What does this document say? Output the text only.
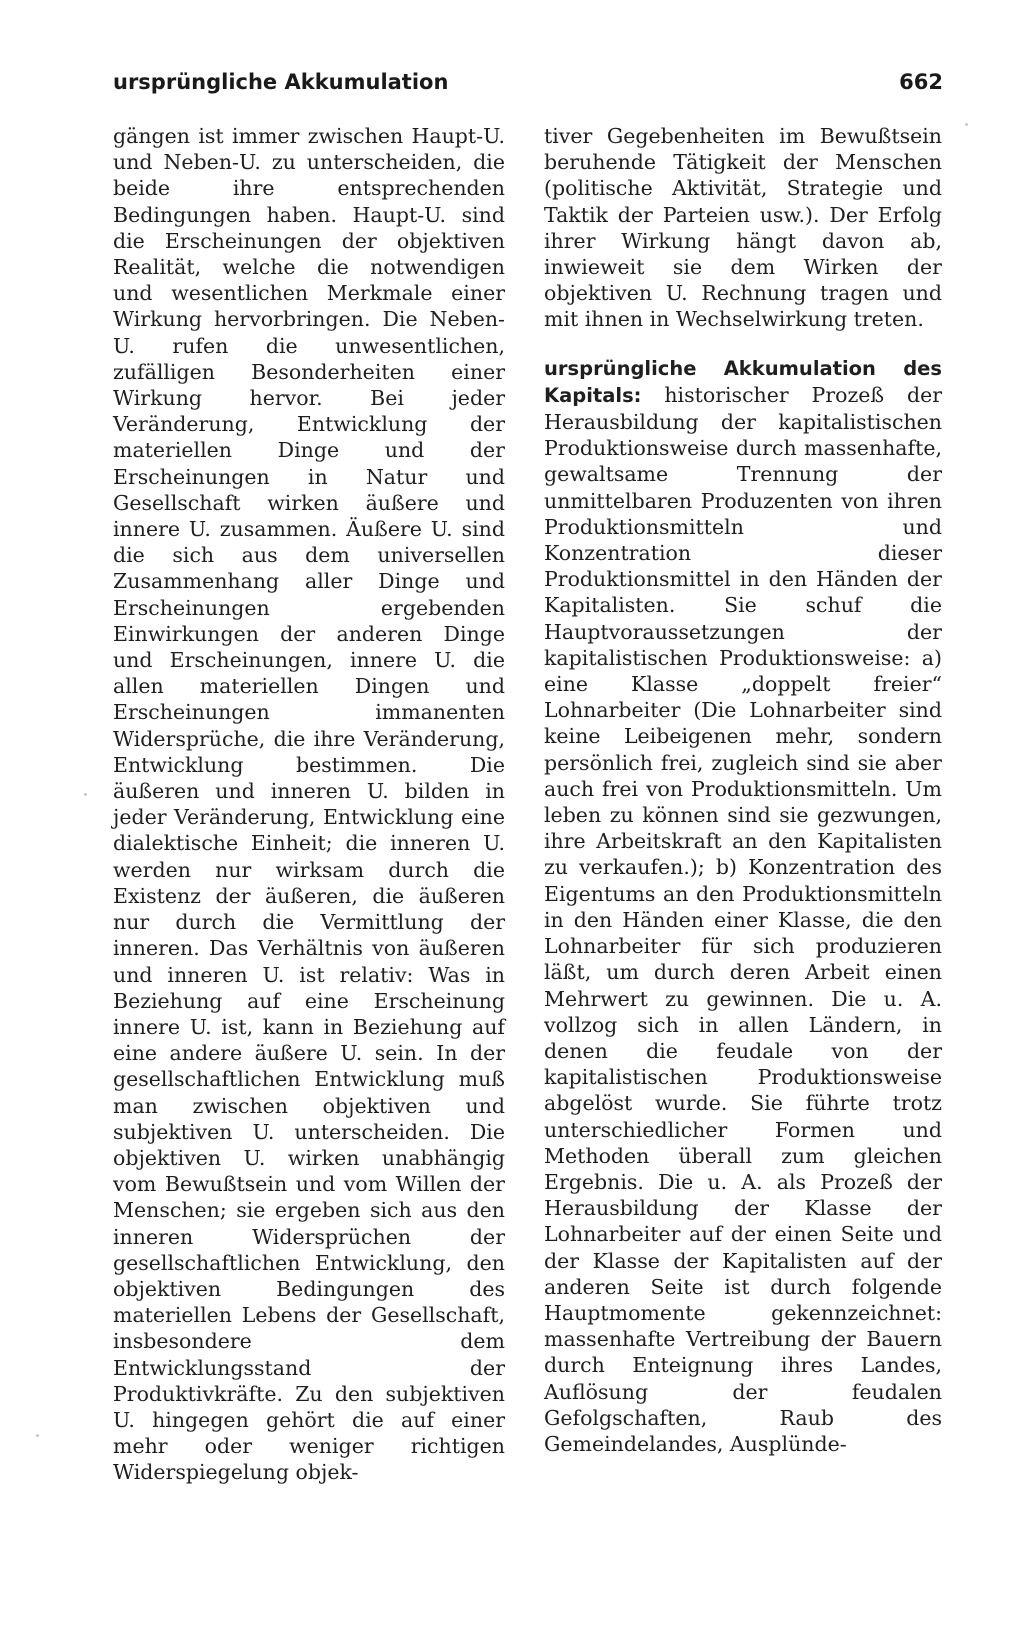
ursprüngliche Akkumulation	662

gängen ist immer zwischen Haupt-U. und Neben-U. zu unterscheiden, die beide ihre entsprechenden Bedingungen haben. Haupt-U. sind die Erscheinungen der objektiven Realität, welche die notwendigen und wesentlichen Merkmale einer Wirkung hervorbringen. Die Neben-U. rufen die unwesentlichen, zufälligen Besonderheiten einer Wirkung hervor. Bei jeder Veränderung, Entwicklung der materiellen Dinge und der Erscheinungen in Natur und Gesellschaft wirken äußere und innere U. zusammen. Äußere U. sind die sich aus dem universellen Zusammenhang aller Dinge und Erscheinungen ergebenden Einwirkungen der anderen Dinge und Erscheinungen, innere U. die allen materiellen Dingen und Erscheinungen immanenten Widersprüche, die ihre Veränderung, Entwicklung bestimmen. Die äußeren und inneren U. bilden in jeder Veränderung, Entwicklung eine dialektische Einheit; die inneren U. werden nur wirksam durch die Existenz der äußeren, die äußeren nur durch die Vermittlung der inneren. Das Verhältnis von äußeren und inneren U. ist relativ: Was in Beziehung auf eine Erscheinung innere U. ist, kann in Beziehung auf eine andere äußere U. sein. In der gesellschaftlichen Entwicklung muß man zwischen objektiven und subjektiven U. unterscheiden. Die objektiven U. wirken unabhängig vom Bewußtsein und vom Willen der Menschen; sie ergeben sich aus den inneren Widersprüchen der gesellschaftlichen Entwicklung, den objektiven Bedingungen des materiellen Lebens der Gesellschaft, insbesondere dem Entwicklungsstand der Produktivkräfte. Zu den subjektiven U. hingegen gehört die auf einer mehr oder weniger richtigen Widerspiegelung objek-

tiver Gegebenheiten im Bewußtsein beruhende Tätigkeit der Menschen (politische Aktivität, Strategie und Taktik der Parteien usw.). Der Erfolg ihrer Wirkung hängt davon ab, inwieweit sie dem Wirken der objektiven U. Rechnung tragen und mit ihnen in Wechselwirkung treten.

ursprüngliche Akkumulation des Kapitals: historischer Prozeß der Herausbildung der kapitalistischen Produktionsweise durch massenhafte, gewaltsame Trennung der unmittelbaren Produzenten von ihren Produktionsmitteln und Konzentration dieser Produktionsmittel in den Händen der Kapitalisten. Sie schuf die Hauptvoraussetzungen der kapitalistischen Produktionsweise: a) eine Klasse „doppelt freier“ Lohnarbeiter (Die Lohnarbeiter sind keine Leibeigenen mehr, sondern persönlich frei, zugleich sind sie aber auch frei von Produktionsmitteln. Um leben zu können sind sie gezwungen, ihre Arbeitskraft an den Kapitalisten zu verkaufen.); b) Konzentration des Eigentums an den Produktionsmitteln in den Händen einer Klasse, die den Lohnarbeiter für sich produzieren läßt, um durch deren Arbeit einen Mehrwert zu gewinnen. Die u. A. vollzog sich in allen Ländern, in denen die feudale von der kapitalistischen Produktionsweise abgelöst wurde. Sie führte trotz unterschiedlicher Formen und Methoden überall zum gleichen Ergebnis. Die u. A. als Prozeß der Herausbildung der Klasse der Lohnarbeiter auf der einen Seite und der Klasse der Kapitalisten auf der anderen Seite ist durch folgende Hauptmomente gekennzeichnet: massenhafte Vertreibung der Bauern durch Enteignung ihres Landes, Auflösung der feudalen Gefolgschaften, Raub des Gemeindelandes, Ausplünde-
